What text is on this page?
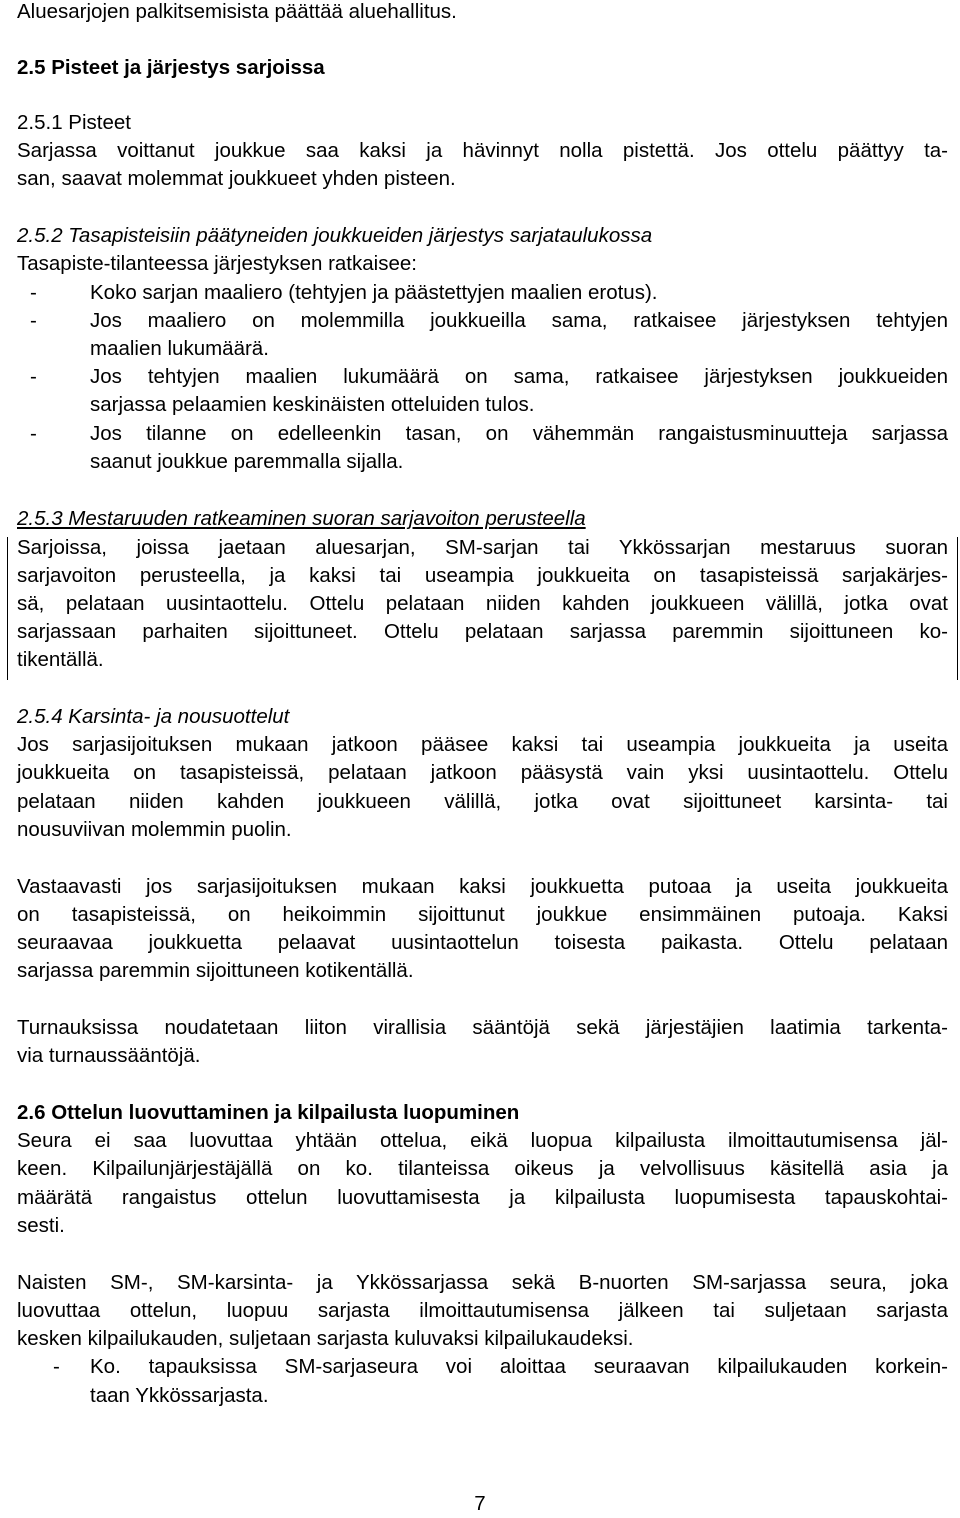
Aluesarjojen palkitsemisista päättää aluehallitus.
2.5 Pisteet ja järjestys sarjoissa
2.5.1 Pisteet
Sarjassa voittanut joukkue saa kaksi ja hävinnyt nolla pistettä. Jos ottelu päättyy ta-
san, saavat molemmat joukkueet yhden pisteen.
2.5.2 Tasapisteisiin päätyneiden joukkueiden järjestys sarjataulukossa
Tasapiste-tilanteessa järjestyksen ratkaisee:
-	Koko sarjan maaliero (tehtyjen ja päästettyjen maalien erotus).
-	Jos maaliero on molemmilla joukkueilla sama, ratkaisee järjestyksen tehtyjen
maalien lukumäärä.
-	Jos tehtyjen maalien lukumäärä on sama, ratkaisee järjestyksen joukkueiden
sarjassa pelaamien keskinäisten otteluiden tulos.
-	Jos tilanne on edelleenkin tasan, on vähemmän rangaistusminuutteja sarjassa
saanut joukkue paremmalla sijalla.
2.5.3 Mestaruuden ratkeaminen suoran sarjavoiton perusteella
Sarjoissa, joissa jaetaan aluesarjan, SM-sarjan tai Ykkössarjan mestaruus suoran
sarjavoiton perusteella, ja kaksi tai useampia joukkueita on tasapisteissä sarjakärjes-
sä, pelataan uusintaottelu. Ottelu pelataan niiden kahden joukkueen välillä, jotka ovat
sarjassaan parhaiten sijoittuneet. Ottelu pelataan sarjassa paremmin sijoittuneen ko-
tikentällä.
2.5.4 Karsinta- ja nousuottelut
Jos sarjasijoituksen mukaan jatkoon pääsee kaksi tai useampia joukkueita ja useita
joukkueita on tasapisteissä, pelataan jatkoon pääsystä vain yksi uusintaottelu. Ottelu
pelataan niiden kahden joukkueen välillä, jotka ovat sijoittuneet karsinta- tai
nousuviivan molemmin puolin.
Vastaavasti jos sarjasijoituksen mukaan kaksi joukkuetta putoaa ja useita joukkueita
on tasapisteissä, on heikoimmin sijoittunut joukkue ensimmäinen putoaja. Kaksi
seuraavaa joukkuetta pelaavat uusintaottelun toisesta paikasta. Ottelu pelataan
sarjassa paremmin sijoittuneen kotikentällä.
Turnauksissa noudatetaan liiton virallisia sääntöjä sekä järjestäjien laatimia tarkenta-
via turnaussääntöjä.
2.6 Ottelun luovuttaminen ja kilpailusta luopuminen
Seura ei saa luovuttaa yhtään ottelua, eikä luopua kilpailusta ilmoittautumisensa jäl-
keen. Kilpailunjärjestäjällä on ko. tilanteissa oikeus ja velvollisuus käsitellä asia ja
määrätä rangaistus ottelun luovuttamisesta ja kilpailusta luopumisesta tapauskohtai-
sesti.
Naisten SM-, SM-karsinta- ja Ykkössarjassa sekä B-nuorten SM-sarjassa seura, joka
luovuttaa ottelun, luopuu sarjasta ilmoittautumisensa jälkeen tai suljetaan sarjasta
kesken kilpailukauden, suljetaan sarjasta kuluvaksi kilpailukaudeksi.
- Ko. tapauksissa SM-sarjaseura voi aloittaa seuraavan kilpailukauden korkein-
taan Ykkössarjasta.
7
